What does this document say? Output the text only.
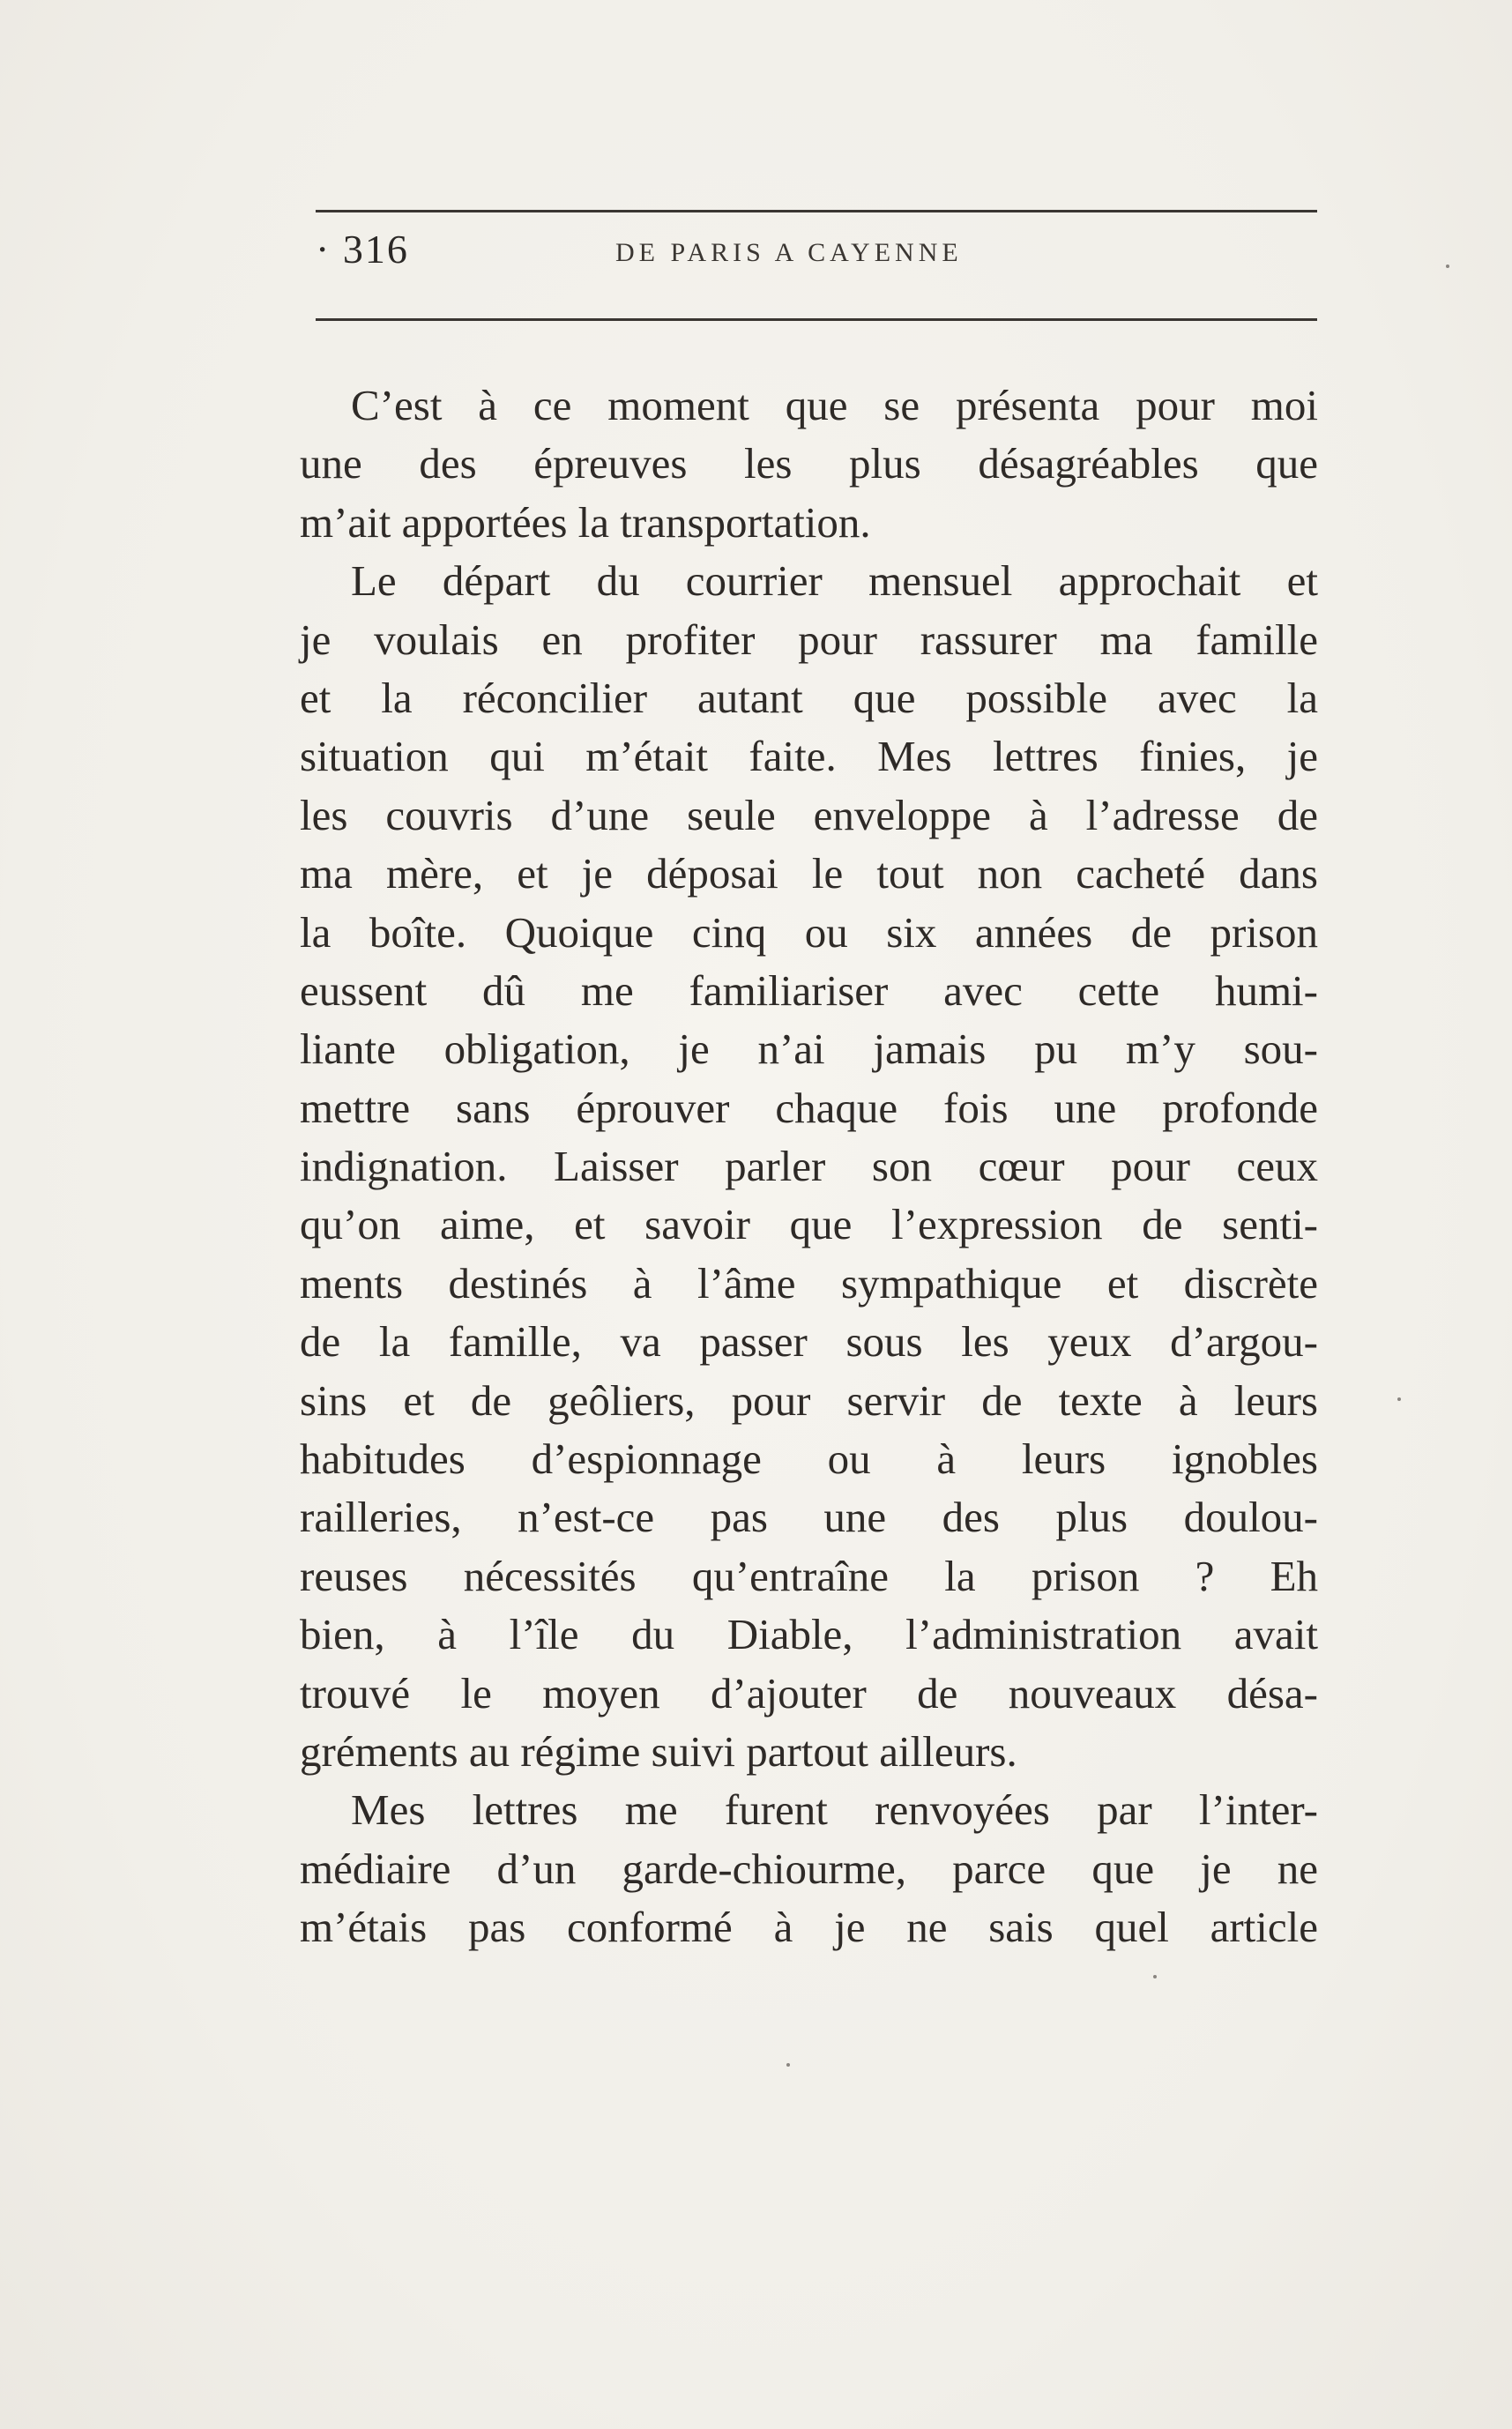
· 316	DE PARIS A CAYENNE
C’est à ce moment que se présenta pour moi
une des épreuves les plus désagréables que
m’ait apportées la transportation.
Le départ du courrier mensuel approchait et
je voulais en profiter pour rassurer ma famille
et la réconcilier autant que possible avec la
situation qui m’était faite. Mes lettres finies, je
les couvris d’une seule enveloppe à l’adresse de
ma mère, et je déposai le tout non cacheté dans
la boîte. Quoique cinq ou six années de prison
eussent dû me familiariser avec cette humi-
liante obligation, je n’ai jamais pu m’y sou-
mettre sans éprouver chaque fois une profonde
indignation. Laisser parler son cœur pour ceux
qu’on aime, et savoir que l’expression de senti-
ments destinés à l’âme sympathique et discrète
de la famille, va passer sous les yeux d’argou-
sins et de geôliers, pour servir de texte à leurs
habitudes d’espionnage ou à leurs ignobles
railleries, n’est-ce pas une des plus doulou-
reuses nécessités qu’entraîne la prison ? Eh
bien, à l’île du Diable, l’administration avait
trouvé le moyen d’ajouter de nouveaux désa-
gréments au régime suivi partout ailleurs.
Mes lettres me furent renvoyées par l’inter-
médiaire d’un garde-chiourme, parce que je ne
m’étais pas conformé à je ne sais quel article
